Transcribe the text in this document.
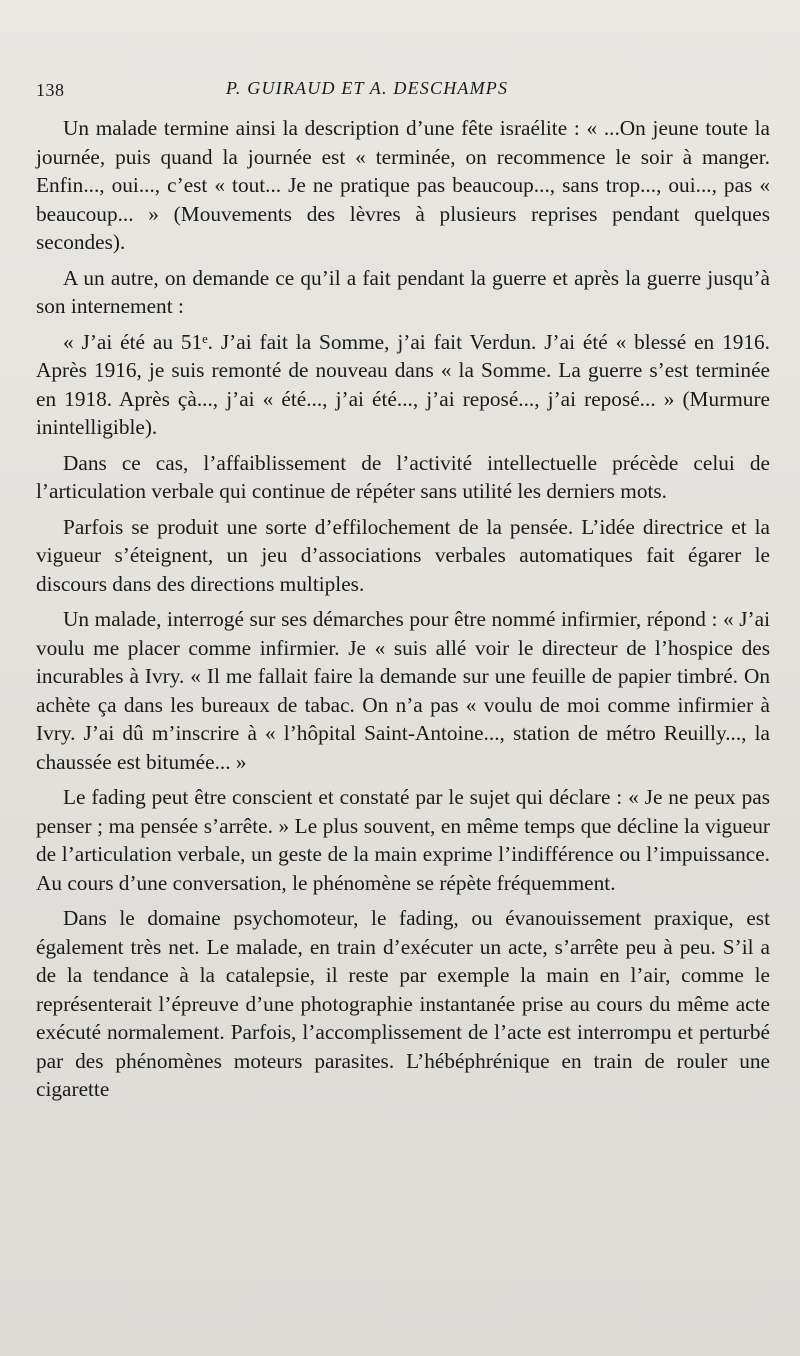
138	P. GUIRAUD ET A. DESCHAMPS

Un malade termine ainsi la description d’une fête israélite : « ...On jeune toute la journée, puis quand la journée est « terminée, on recommence le soir à manger. Enfin..., oui..., c’est « tout... Je ne pratique pas beaucoup..., sans trop..., oui..., pas « beaucoup... » (Mouvements des lèvres à plusieurs reprises pendant quelques secondes).

A un autre, on demande ce qu’il a fait pendant la guerre et après la guerre jusqu’à son internement :

« J’ai été au 51ᵉ. J’ai fait la Somme, j’ai fait Verdun. J’ai été « blessé en 1916. Après 1916, je suis remonté de nouveau dans « la Somme. La guerre s’est terminée en 1918. Après çà..., j’ai « été..., j’ai été..., j’ai reposé..., j’ai reposé... » (Murmure inintelligible).

Dans ce cas, l’affaiblissement de l’activité intellectuelle précède celui de l’articulation verbale qui continue de répéter sans utilité les derniers mots.

Parfois se produit une sorte d’effilochement de la pensée. L’idée directrice et la vigueur s’éteignent, un jeu d’associations verbales automatiques fait égarer le discours dans des directions multiples.

Un malade, interrogé sur ses démarches pour être nommé infirmier, répond : « J’ai voulu me placer comme infirmier. Je « suis allé voir le directeur de l’hospice des incurables à Ivry. « Il me fallait faire la demande sur une feuille de papier timbré. On achète ça dans les bureaux de tabac. On n’a pas « voulu de moi comme infirmier à Ivry. J’ai dû m’inscrire à « l’hôpital Saint-Antoine..., station de métro Reuilly..., la chaussée est bitumée... »

Le fading peut être conscient et constaté par le sujet qui déclare : « Je ne peux pas penser ; ma pensée s’arrête. » Le plus souvent, en même temps que décline la vigueur de l’articulation verbale, un geste de la main exprime l’indifférence ou l’impuissance. Au cours d’une conversation, le phénomène se répète fréquemment.

Dans le domaine psychomoteur, le fading, ou évanouissement praxique, est également très net. Le malade, en train d’exécuter un acte, s’arrête peu à peu. S’il a de la tendance à la catalepsie, il reste par exemple la main en l’air, comme le représenterait l’épreuve d’une photographie instantanée prise au cours du même acte exécuté normalement. Parfois, l’accomplissement de l’acte est interrompu et perturbé par des phénomènes moteurs parasites. L’hébéphrénique en train de rouler une cigarette
